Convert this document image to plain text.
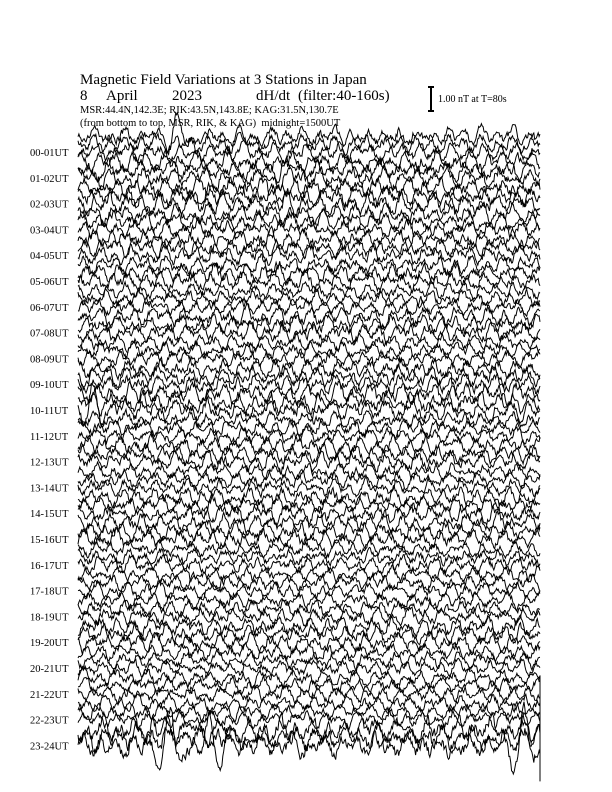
Magnetic Field Variations at 3 Stations in Japan
8 April 2023	dH/dt (filter:40-160s)
MSR:44.4N,142.3E; RIK:43.5N,143.8E; KAG:31.5N,130.7E
(from bottom to top, MSR, RIK, & KAG)  midnight=1500UT
1.00 nT at T=80s
00-01UT
01-02UT
02-03UT
03-04UT
04-05UT
05-06UT
06-07UT
07-08UT
08-09UT
09-10UT
10-11UT
11-12UT
12-13UT
13-14UT
14-15UT
15-16UT
16-17UT
17-18UT
18-19UT
19-20UT
20-21UT
21-22UT
22-23UT
23-24UT
